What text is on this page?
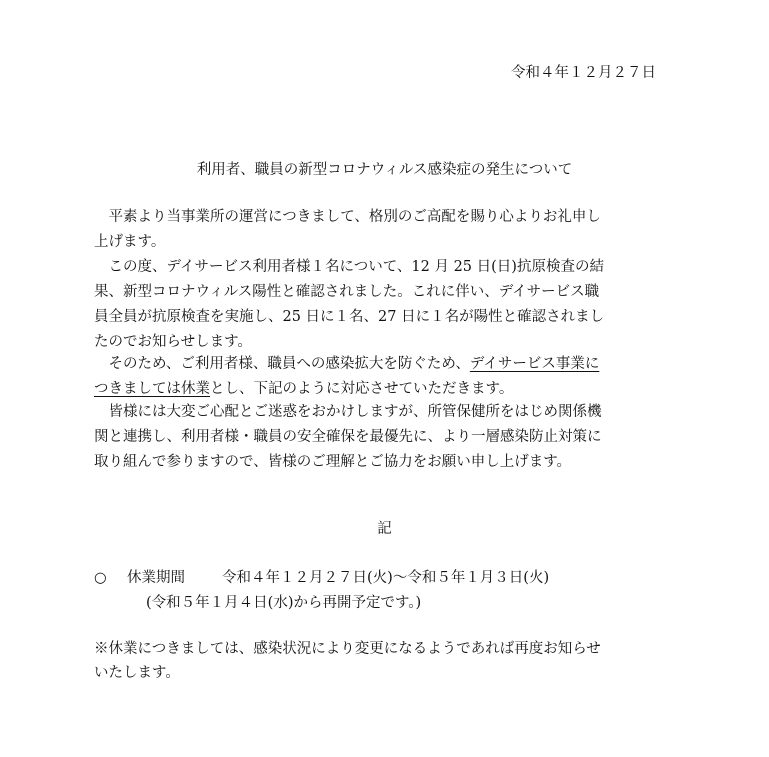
令和４年１２月２７日
利用者、職員の新型コロナウィルス感染症の発生について
　平素より当事業所の運営につきまして、格別のご高配を賜り心よりお礼申し
上げます。
　この度、デイサービス利用者様１名について、12 月 25 日(日)抗原検査の結
果、新型コロナウィルス陽性と確認されました。これに伴い、デイサービス職
員全員が抗原検査を実施し、25 日に１名、27 日に１名が陽性と確認されまし
たのでお知らせします。
　そのため、ご利用者様、職員への感染拡大を防ぐため、デイサービス事業に
つきましては休業とし、下記のように対応させていただきます。
　皆様には大変ご心配とご迷惑をおかけしますが、所管保健所をはじめ関係機
関と連携し、利用者様・職員の安全確保を最優先に、より一層感染防止対策に
取り組んで参りますので、皆様のご理解とご協力をお願い申し上げます。
記
○ 休業期間	令和４年１２月２７日(火)～令和５年１月３日(火)
(令和５年１月４日(水)から再開予定です。)
※休業につきましては、感染状況により変更になるようであれば再度お知らせ
いたします。
